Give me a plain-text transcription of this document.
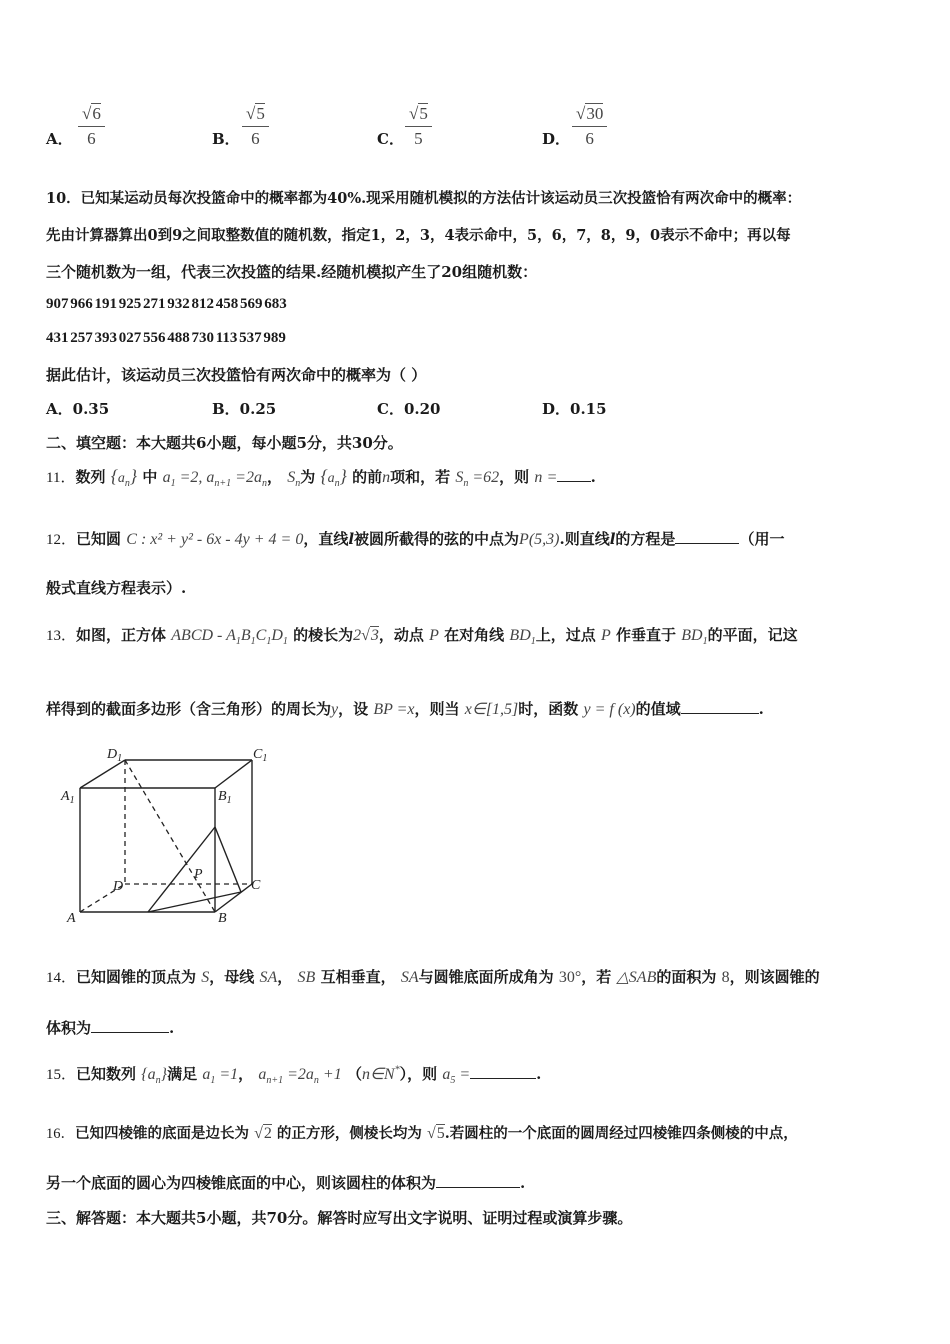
A． $\frac{√6}{6}$	B． $\frac{√5}{6}$	C． $\frac{√5}{5}$	D． $\frac{√30}{6}$
10．已知某运动员每次投篮命中的概率都为40%.现采用随机模拟的方法估计该运动员三次投篮恰有两次命中的概率：
先由计算器算出0到9之间取整数值的随机数，指定1，2，3，4表示命中，5，6，7，8，9，0表示不命中；再以每
三个随机数为一组，代表三次投篮的结果.经随机模拟产生了20组随机数：
907 966 191 925 271 932 812 458 569 683
431 257 393 027 556 488 730 113 537 989
据此估计，该运动员三次投篮恰有两次命中的概率为（ ）
A．0.35	B．0.25	C．0.20	D．0.15
二、填空题：本大题共6小题，每小题5分，共30分。
11．数列 $\{a_n\}$ 中 $a_1 =2$, $a_{n+1} =2a_n$， $S_n$为 $\{a_n\}$ 的前n项和，若 $S_n =62$，则 n = .
12．已知圆 C : x² + y² - 6x - 4y + 4 = 0，直线l被圆所截得的弦的中点为P(5,3).则直线l的方程是	（用一
般式直线方程表示）.
13．如图，正方体 ABCD - $A_1B_1C_1D_1$ 的棱长为2√3，动点 P 在对角线 $BD_1$上，过点 P 作垂直于 $BD_1$的平面，记这
样得到的截面多边形（含三角形）的周长为y，设 BP =x，则当 x∈[1,5]时，函数 y = f (x)的值域	.
$D_1$	$C_1$
$A_1$	$B_1$
P
D	C
A	B
14．已知圆锥的顶点为 S，母线 SA， SB 互相垂直， SA与圆锥底面所成角为 30°，若 △SAB的面积为 8，则该圆锥的
体积为	.
15．已知数列 $\{a_n\}$满足 $a_1 =1$， $a_{n+1} =2a_n +1$ （n∈N*），则 $a_5$ =	.
16．已知四棱锥的底面是边长为 √2 的正方形，侧棱长均为 √5.若圆柱的一个底面的圆周经过四棱锥四条侧棱的中点，
另一个底面的圆心为四棱锥底面的中心，则该圆柱的体积为	.
三、解答题：本大题共5小题，共70分。解答时应写出文字说明、证明过程或演算步骤。
